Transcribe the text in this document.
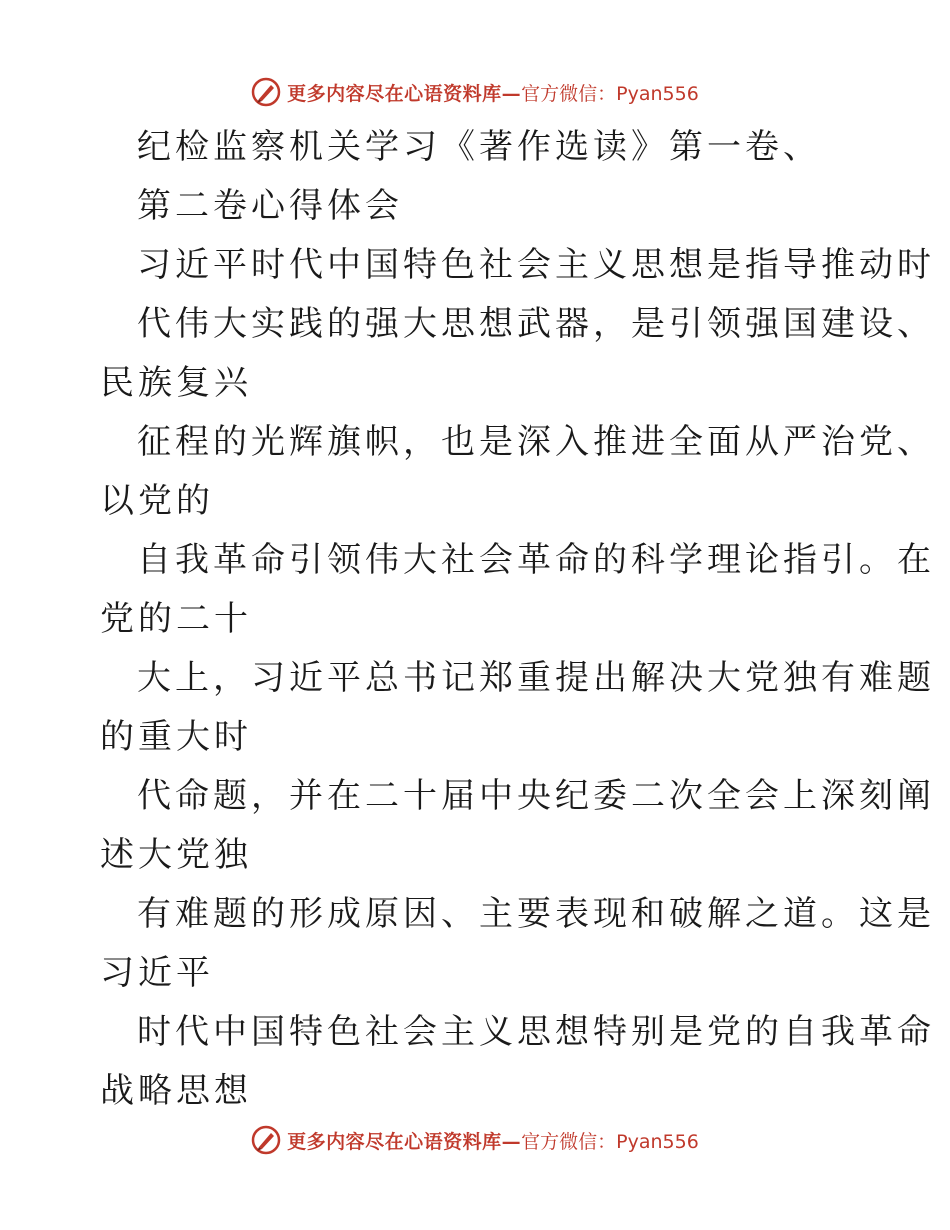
更多内容尽在心语资料库— 官方微信：Pyan556
纪检监察机关学习《著作选读》第一卷、
第二卷心得体会
习近平时代中国特色社会主义思想是指导推动时
代伟大实践的强大思想武器，是引领强国建设、
民族复兴
征程的光辉旗帜，也是深入推进全面从严治党、
以党的
自我革命引领伟大社会革命的科学理论指引。在
党的二十
大上，习近平总书记郑重提出解决大党独有难题
的重大时
代命题，并在二十届中央纪委二次全会上深刻阐
述大党独
有难题的形成原因、主要表现和破解之道。这是
习近平
时代中国特色社会主义思想特别是党的自我革命
战略思想
更多内容尽在心语资料库— 官方微信：Pyan556
